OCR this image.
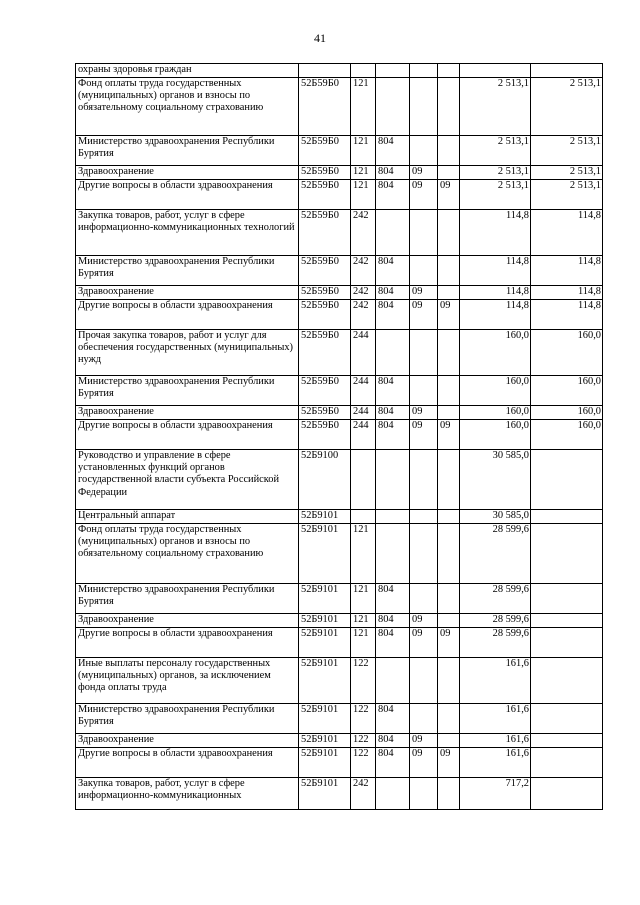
41
охраны здоровья граждан							
Фонд оплаты труда государственных (муниципальных) органов и взносы по обязательному социальному страхованию	52Б59Б0	121				2 513,1	2 513,1
Министерство здравоохранения Республики Бурятия	52Б59Б0	121	804			2 513,1	2 513,1
Здравоохранение	52Б59Б0	121	804	09		2 513,1	2 513,1
Другие вопросы в области здравоохранения	52Б59Б0	121	804	09	09	2 513,1	2 513,1
Закупка товаров, работ, услуг в сфере информационно-коммуникационных технологий	52Б59Б0	242				114,8	114,8
Министерство здравоохранения Республики Бурятия	52Б59Б0	242	804			114,8	114,8
Здравоохранение	52Б59Б0	242	804	09		114,8	114,8
Другие вопросы в области здравоохранения	52Б59Б0	242	804	09	09	114,8	114,8
Прочая закупка товаров, работ и услуг для обеспечения государственных (муниципальных) нужд	52Б59Б0	244				160,0	160,0
Министерство здравоохранения Республики Бурятия	52Б59Б0	244	804			160,0	160,0
Здравоохранение	52Б59Б0	244	804	09		160,0	160,0
Другие вопросы в области здравоохранения	52Б59Б0	244	804	09	09	160,0	160,0
Руководство и управление в сфере установленных функций органов государственной власти субъекта Российской Федерации	52Б9100					30 585,0	
Центральный аппарат	52Б9101					30 585,0	
Фонд оплаты труда государственных (муниципальных) органов и взносы по обязательному социальному страхованию	52Б9101	121				28 599,6	
Министерство здравоохранения Республики Бурятия	52Б9101	121	804			28 599,6	
Здравоохранение	52Б9101	121	804	09		28 599,6	
Другие вопросы в области здравоохранения	52Б9101	121	804	09	09	28 599,6	
Иные выплаты персоналу государственных (муниципальных) органов, за исключением фонда оплаты труда	52Б9101	122				161,6	
Министерство здравоохранения Республики Бурятия	52Б9101	122	804			161,6	
Здравоохранение	52Б9101	122	804	09		161,6	
Другие вопросы в области здравоохранения	52Б9101	122	804	09	09	161,6	
Закупка товаров, работ, услуг в сфере информационно-коммуникационных	52Б9101	242				717,2	
